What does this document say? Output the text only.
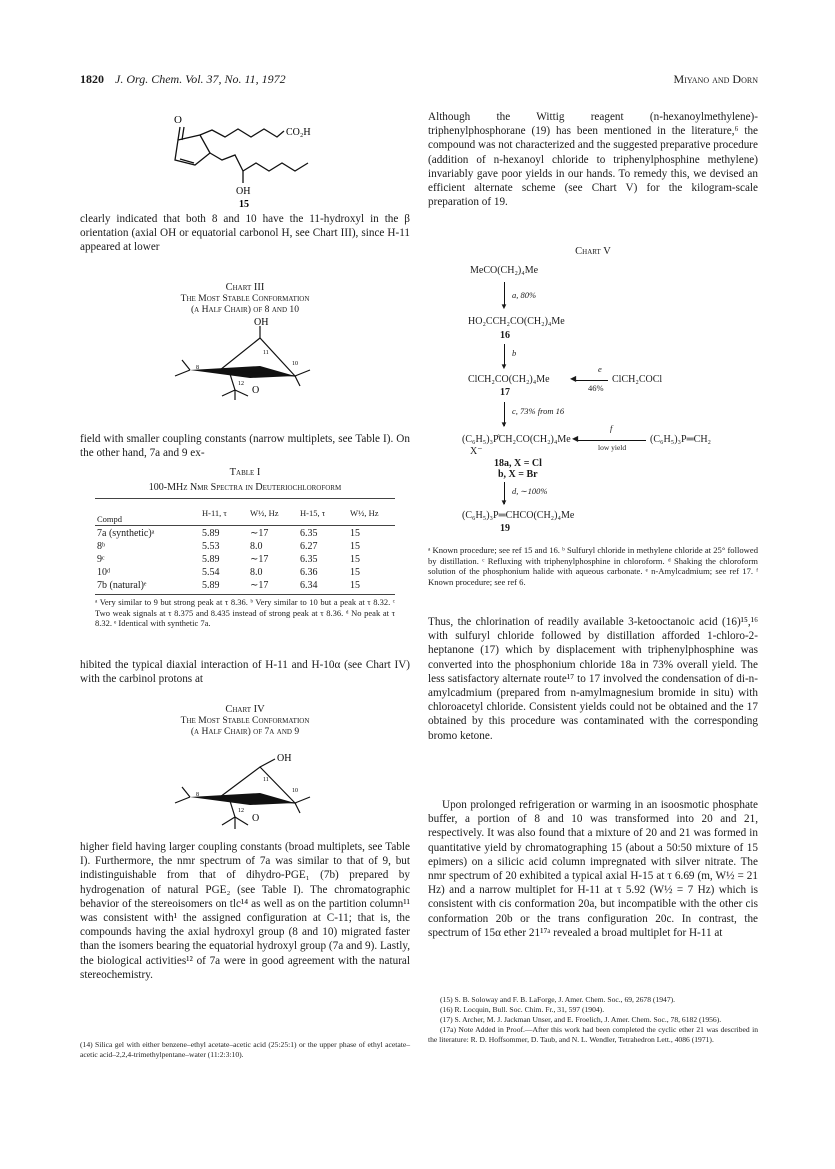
1820 J. Org. Chem. Vol. 37, No. 11, 1972	Miyano and Dorn
O
CO₂H
OH
15
clearly indicated that both 8 and 10 have the 11-hydroxyl in the β orientation (axial OH or equatorial carbonol H, see Chart III), since H-11 appeared at lower
Chart III
The Most Stable Conformation
(a Half Chair) of 8 and 10
OH
11
10
8
12
O
field with smaller coupling constants (narrow multiplets, see Table I). On the other hand, 7a and 9 ex-
Table I
100-MHz Nmr Spectra in Deuteriochloroform
Compd	H-11, τ	W½, Hz	H-15, τ	W½, Hz
7a (synthetic)ᵃ	5.89	∼17	6.35	15
8ᵇ	5.53	8.0	6.27	15
9ᶜ	5.89	∼17	6.35	15
10ᵈ	5.54	8.0	6.36	15
7b (natural)ᵉ	5.89	∼17	6.34	15
ᵃ Very similar to 9 but strong peak at τ 8.36. ᵇ Very similar to 10 but a peak at τ 8.32. ᶜ Two weak signals at τ 8.375 and 8.435 instead of strong peak at τ 8.36. ᵈ No peak at τ 8.32. ᵉ Identical with synthetic 7a.
hibited the typical diaxial interaction of H-11 and H-10α (see Chart IV) with the carbinol protons at
Chart IV
The Most Stable Conformation
(a Half Chair) of 7a and 9
OH
11
10
8
12
O
higher field having larger coupling constants (broad multiplets, see Table I). Furthermore, the nmr spectrum of 7a was similar to that of 9, but indistinguishable from that of dihydro-PGE₁ (7b) prepared by hydrogenation of natural PGE₂ (see Table I). The chromatographic behavior of the stereoisomers on tlc¹⁴ as well as on the partition column¹¹ was consistent with¹ the assigned configuration at C-11; that is, the compounds having the axial hydroxyl group (8 and 10) migrated faster than the isomers bearing the equatorial hydroxyl group (7a and 9). Lastly, the biological activities¹² of 7a were in good agreement with the natural stereochemistry.
(14) Silica gel with either benzene–ethyl acetate–acetic acid (25:25:1) or the upper phase of ethyl acetate–acetic acid–2,2,4-trimethylpentane–water (11:2:3:10).
Although the Wittig reagent (n-hexanoylmethylene)-triphenylphosphorane (19) has been mentioned in the literature,⁶ the compound was not characterized and the suggested preparative procedure (addition of n-hexanoyl chloride to triphenylphosphine methylene) invariably gave poor yields in our hands. To remedy this, we devised an efficient alternate scheme (see Chart V) for the kilogram-scale preparation of 19.
Chart V
MeCO(CH₂)₄Me
▼
a, 80%
HO₂CCH₂CO(CH₂)₄Me
16
▼
b
ClCH₂CO(CH₂)₄Me
17
◀
e
46%
ClCH₂COCl
▼
c, 73% from 16
(C₆H₅)₃P̊CH₂CO(CH₂)₄Me
X⁻
◀
f
low yield
(C₆H₅)₃P═CH₂
18a, X = Cl
b, X = Br
▼
d, ∼100%
(C₆H₅)₃P═CHCO(CH₂)₄Me
19
ᵃ Known procedure; see ref 15 and 16. ᵇ Sulfuryl chloride in methylene chloride at 25° followed by distillation. ᶜ Refluxing with triphenylphosphine in chloroform. ᵈ Shaking the chloroform solution of the phosphonium halide with aqueous carbonate. ᵉ n-Amylcadmium; see ref 17. ᶠ Known procedure; see ref 6.
Thus, the chlorination of readily available 3-ketooctanoic acid (16)¹⁵,¹⁶ with sulfuryl chloride followed by distillation afforded 1-chloro-2-heptanone (17) which by displacement with triphenylphosphine was converted into the phosphonium chloride 18a in 73% overall yield. The less satisfactory alternate route¹⁷ to 17 involved the condensation of di-n-amylcadmium (prepared from n-amylmagnesium bromide in situ) with chloroacetyl chloride. Consistent yields could not be obtained and the 17 obtained by this procedure was contaminated with the corresponding bromo ketone.
Upon prolonged refrigeration or warming in an isoosmotic phosphate buffer, a portion of 8 and 10 was transformed into 20 and 21, respectively. It was also found that a mixture of 20 and 21 was formed in quantitative yield by chromatographing 15 (about a 50:50 mixture of 15 epimers) on a silicic acid column impregnated with silver nitrate. The nmr spectrum of 20 exhibited a typical axial H-15 at τ 6.69 (m, W½ = 21 Hz) and a narrow multiplet for H-11 at τ 5.92 (W½ = 7 Hz) which is consistent with cis conformation 20a, but incompatible with the other cis conformation 20b or the trans configuration 20c. In contrast, the spectrum of 15α ether 21¹⁷ᵃ revealed a broad multiplet for H-11 at
(15) S. B. Soloway and F. B. LaForge, J. Amer. Chem. Soc., 69, 2678 (1947).
(16) R. Locquin, Bull. Soc. Chim. Fr., 31, 597 (1904).
(17) S. Archer, M. J. Jackman Unser, and E. Froelich, J. Amer. Chem. Soc., 78, 6182 (1956).
(17a) Note Added in Proof.—After this work had been completed the cyclic ether 21 was described in the literature: R. D. Hoffsommer, D. Taub, and N. L. Wendler, Tetrahedron Lett., 4086 (1971).
